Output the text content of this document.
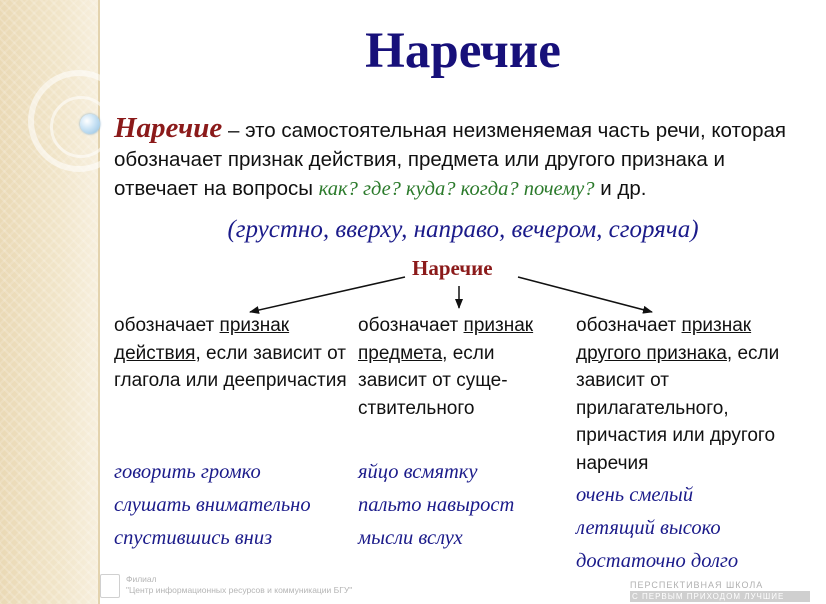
Наречие
Наречие – это самостоятельная неизменяемая часть речи, которая обозначает признак действия, предмета или другого признака и отвечает на вопросы как? где? куда? когда? почему? и др.
(грустно, вверху, направо, вечером, сгоряча)
Наречие
обозначает признак действия, если зависит от глагола или деепричастия
обозначает признак предмета, если зависит от суще-ствительного
обозначает признак другого признака, если зависит от прилагательного, причастия или другого наречия
говорить громко
слушать внимательно
спустившись вниз
яйцо всмятку
пальто навырост
мысли вслух
очень смелый
летящий высоко
достаточно долго
Филиал
"Центр информационных ресурсов и коммуникации БГУ"	ПЕРСПЕКТИВНАЯ ШКОЛА
С ПЕРВЫМ ПРИХОДОМ ЛУЧШИЕ
